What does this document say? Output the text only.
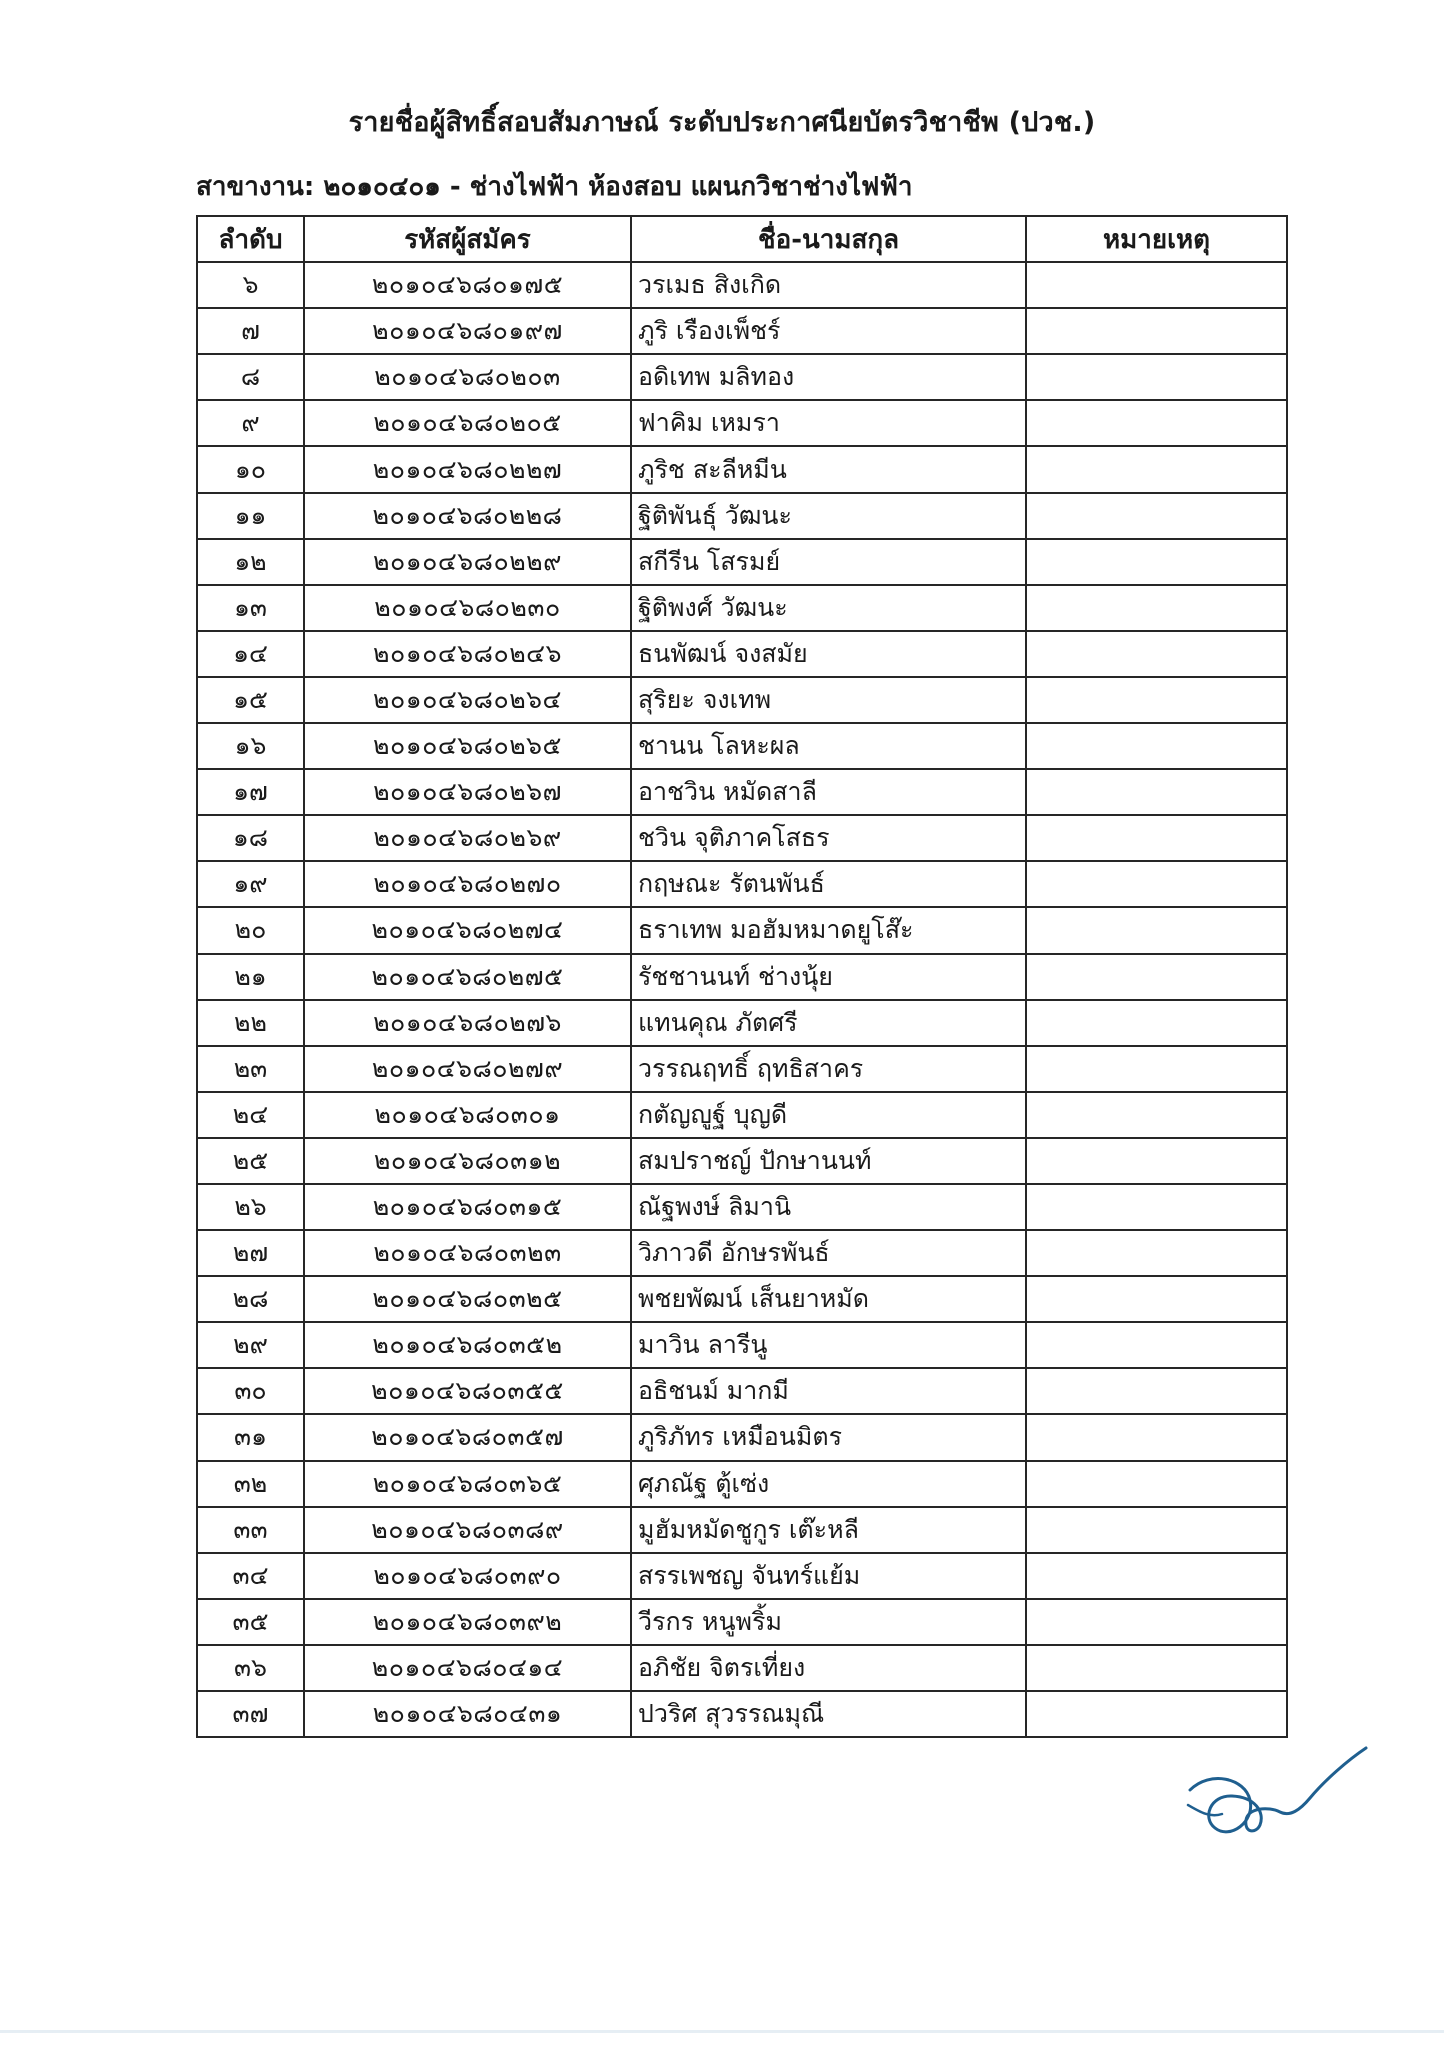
รายชื่อผู้สิทธิ์สอบสัมภาษณ์ ระดับประกาศนียบัตรวิชาชีพ (ปวช.)
สาขางาน: ๒๐๑๐๔๐๑ - ช่างไฟฟ้า ห้องสอบ แผนกวิชาช่างไฟฟ้า
ลำดับ	รหัสผู้สมัคร	ชื่อ-นามสกุล	หมายเหตุ
๖	๒๐๑๐๔๖๘๐๑๗๕	วรเมธ สิงเกิด	
๗	๒๐๑๐๔๖๘๐๑๙๗	ภูริ เรืองเพ็ชร์	
๘	๒๐๑๐๔๖๘๐๒๐๓	อดิเทพ มลิทอง	
๙	๒๐๑๐๔๖๘๐๒๐๕	ฟาคิม เหมรา	
๑๐	๒๐๑๐๔๖๘๐๒๒๗	ภูริช สะลีหมีน	
๑๑	๒๐๑๐๔๖๘๐๒๒๘	ฐิติพันธุ์ วัฒนะ	
๑๒	๒๐๑๐๔๖๘๐๒๒๙	สกีรีน โสรมย์	
๑๓	๒๐๑๐๔๖๘๐๒๓๐	ฐิติพงศ์ วัฒนะ	
๑๔	๒๐๑๐๔๖๘๐๒๔๖	ธนพัฒน์ จงสมัย	
๑๕	๒๐๑๐๔๖๘๐๒๖๔	สุริยะ จงเทพ	
๑๖	๒๐๑๐๔๖๘๐๒๖๕	ชานน โลหะผล	
๑๗	๒๐๑๐๔๖๘๐๒๖๗	อาชวิน หมัดสาลี	
๑๘	๒๐๑๐๔๖๘๐๒๖๙	ชวิน จุติภาคโสธร	
๑๙	๒๐๑๐๔๖๘๐๒๗๐	กฤษณะ รัตนพันธ์	
๒๐	๒๐๑๐๔๖๘๐๒๗๔	ธราเทพ มอฮัมหมาดยูโส๊ะ	
๒๑	๒๐๑๐๔๖๘๐๒๗๕	รัชชานนท์ ช่างนุ้ย	
๒๒	๒๐๑๐๔๖๘๐๒๗๖	แทนคุณ ภัตศรี	
๒๓	๒๐๑๐๔๖๘๐๒๗๙	วรรณฤทธิ์ ฤทธิสาคร	
๒๔	๒๐๑๐๔๖๘๐๓๐๑	กตัญญูฐ์ บุญดี	
๒๕	๒๐๑๐๔๖๘๐๓๑๒	สมปราชญ์ ปักษานนท์	
๒๖	๒๐๑๐๔๖๘๐๓๑๕	ณัฐพงษ์ ลิมานิ	
๒๗	๒๐๑๐๔๖๘๐๓๒๓	วิภาวดี อักษรพันธ์	
๒๘	๒๐๑๐๔๖๘๐๓๒๕	พชยพัฒน์ เส็นยาหมัด	
๒๙	๒๐๑๐๔๖๘๐๓๕๒	มาวิน ลารีนู	
๓๐	๒๐๑๐๔๖๘๐๓๕๕	อธิชนม์ มากมี	
๓๑	๒๐๑๐๔๖๘๐๓๕๗	ภูริภัทร เหมือนมิตร	
๓๒	๒๐๑๐๔๖๘๐๓๖๕	ศุภณัฐ ตู้เซ่ง	
๓๓	๒๐๑๐๔๖๘๐๓๘๙	มูฮัมหมัดชูกูร เต๊ะหลี	
๓๔	๒๐๑๐๔๖๘๐๓๙๐	สรรเพชญ จันทร์แย้ม	
๓๕	๒๐๑๐๔๖๘๐๓๙๒	วีรกร หนูพริ้ม	
๓๖	๒๐๑๐๔๖๘๐๔๑๔	อภิชัย จิตรเที่ยง	
๓๗	๒๐๑๐๔๖๘๐๔๓๑	ปวริศ สุวรรณมุณี	
